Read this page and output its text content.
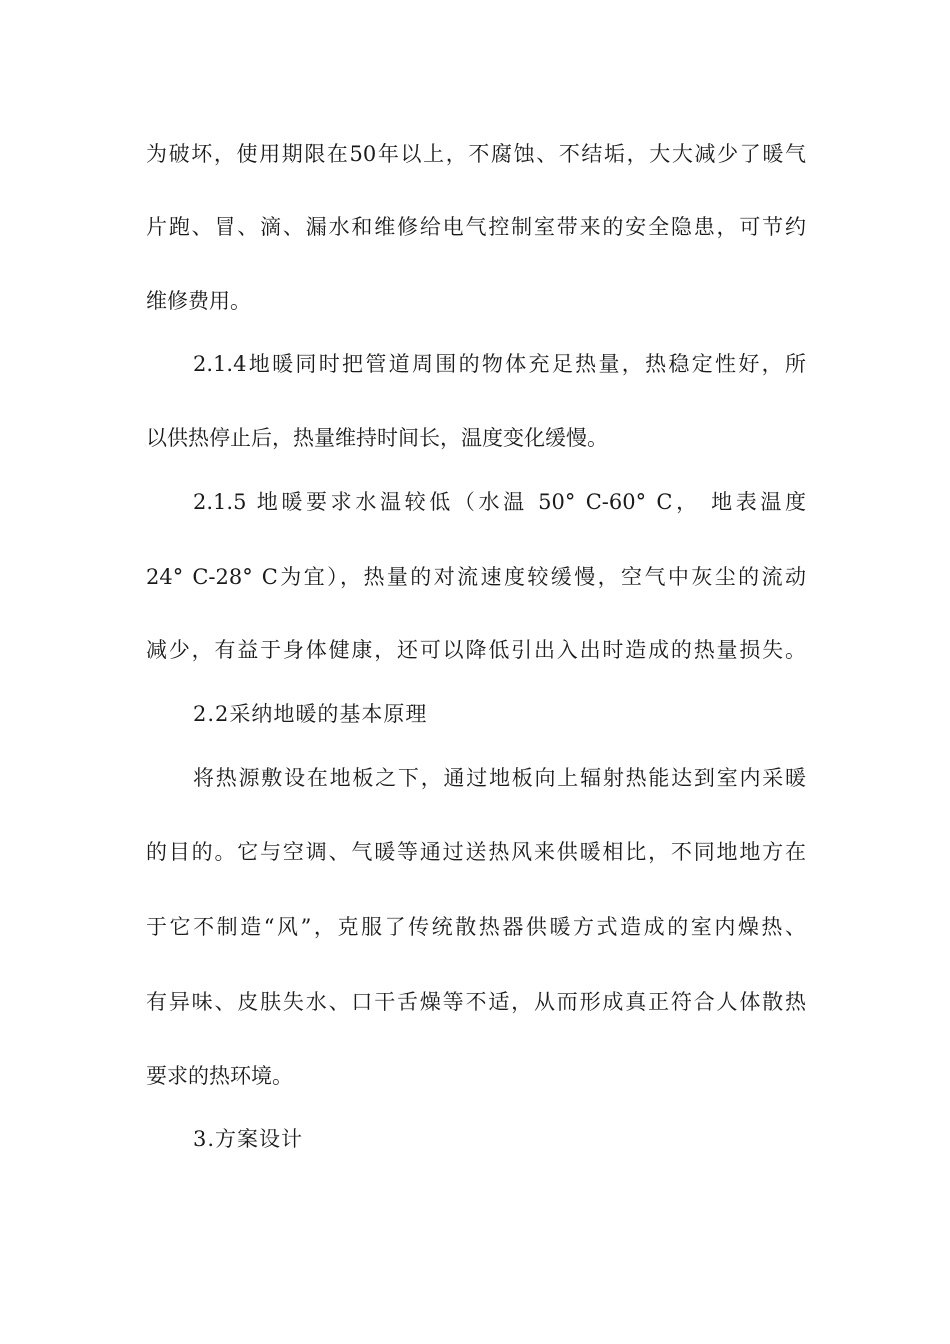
为破坏，使用期限在50年以上，不腐蚀、不结垢，大大减少了暖气
片跑、冒、滴、漏水和维修给电气控制室带来的安全隐患，可节约
维修费用。
2.1.4地暖同时把管道周围的物体充足热量，热稳定性好，所
以供热停止后，热量维持时间长，温度变化缓慢。
2.1.5 地暖要求水温较低（水温 50° C-60° C， 地表温度
24° C-28° C为宜），热量的对流速度较缓慢，空气中灰尘的流动
减少，有益于身体健康，还可以降低引出入出时造成的热量损失。
2.2采纳地暖的基本原理
将热源敷设在地板之下，通过地板向上辐射热能达到室内采暖
的目的。它与空调、气暖等通过送热风来供暖相比，不同地地方在
于它不制造“风”，克服了传统散热器供暖方式造成的室内燥热、
有异味、皮肤失水、口干舌燥等不适，从而形成真正符合人体散热
要求的热环境。
3.方案设计
